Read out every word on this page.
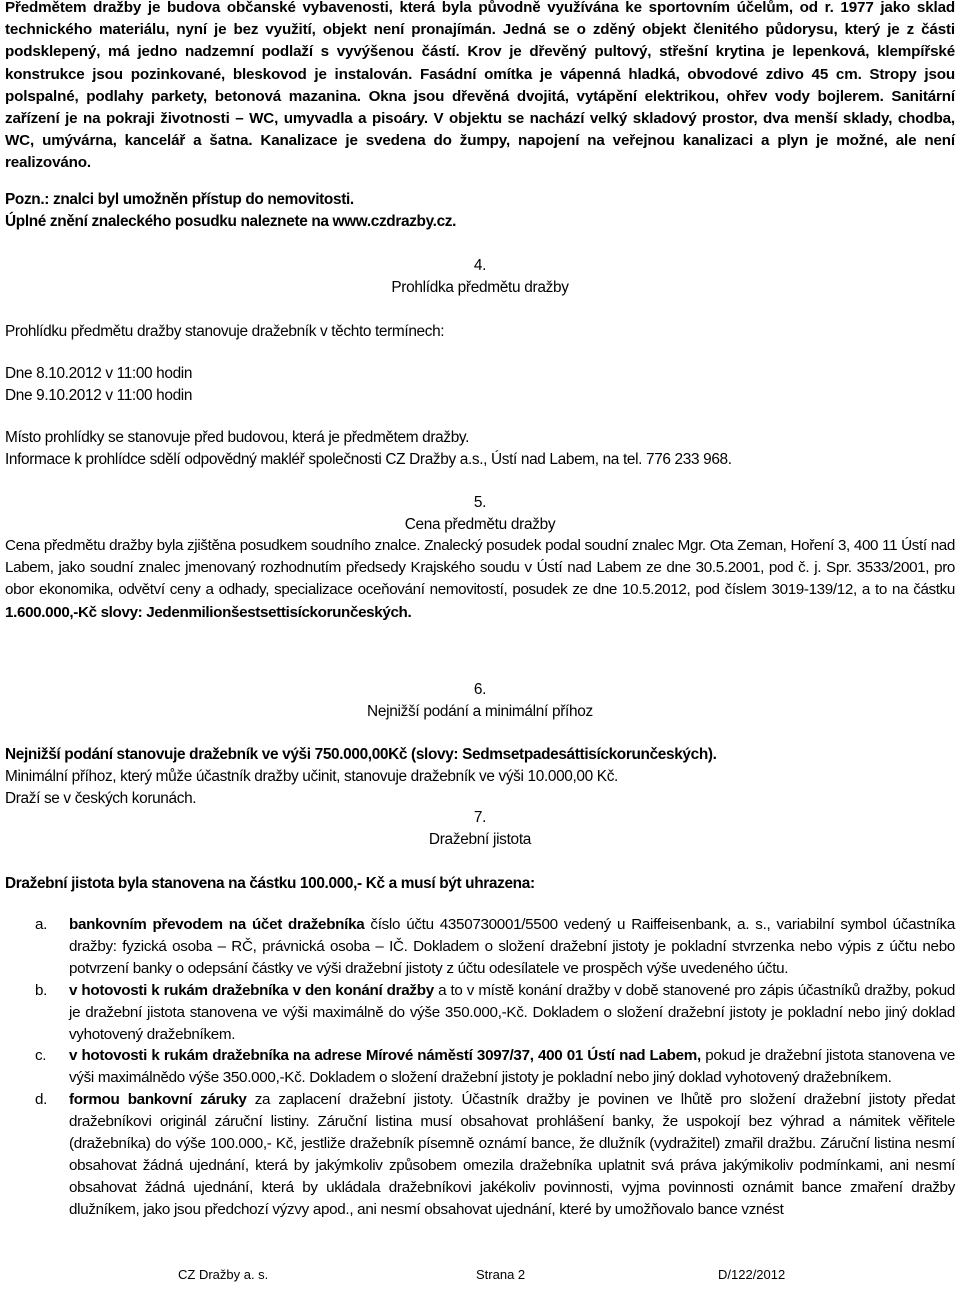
Předmětem dražby je budova občanské vybavenosti, která byla původně využívána ke sportovním účelům, od r. 1977 jako sklad technického materiálu, nyní je bez využití, objekt není pronajímán. Jedná se o zděný objekt členitého půdorysu, který je z části podsklepený, má jedno nadzemní podlaží s vyvýšenou částí. Krov je dřevěný pultový, střešní krytina je lepenková, klempířské konstrukce jsou pozinkované, bleskovod je instalován. Fasádní omítka je vápenná hladká, obvodové zdivo 45 cm. Stropy jsou polspalné, podlahy parkety, betonová mazanina. Okna jsou dřevěná dvojitá, vytápění elektrikou, ohřev vody bojlerem. Sanitární zařízení je na pokraji životnosti – WC, umyvadla a pisoáry. V objektu se nachází velký skladový prostor, dva menší sklady, chodba, WC, umývárna, kancelář a šatna. Kanalizace je svedena do žumpy, napojení na veřejnou kanalizaci a plyn je možné, ale není realizováno.
Pozn.: znalci byl umožněn přístup do nemovitosti.
Úplné znění znaleckého posudku naleznete na www.czdrazby.cz.
4.
Prohlídka předmětu dražby
Prohlídku předmětu dražby stanovuje dražebník v těchto termínech:
Dne 8.10.2012 v 11:00 hodin
Dne 9.10.2012 v 11:00 hodin
Místo prohlídky se stanovuje před budovou, která je předmětem dražby.
Informace k prohlídce sdělí odpovědný makléř společnosti CZ Dražby a.s., Ústí nad Labem, na tel. 776 233 968.
5.
Cena předmětu dražby
Cena předmětu dražby byla zjištěna posudkem soudního znalce. Znalecký posudek podal soudní znalec Mgr. Ota Zeman, Hoření 3, 400 11 Ústí nad Labem, jako soudní znalec jmenovaný rozhodnutím předsedy Krajského soudu v Ústí nad Labem ze dne 30.5.2001, pod č. j. Spr. 3533/2001, pro obor ekonomika, odvětví ceny a odhady, specializace oceňování nemovitostí, posudek ze dne 10.5.2012, pod číslem 3019-139/12, a to na částku 1.600.000,-Kč slovy: Jedenmilionšestsettisíckorunčeských.
6.
Nejnižší podání a minimální příhoz
Nejnižší podání stanovuje dražebník ve výši 750.000,00Kč (slovy: Sedmsetpadesáttisíckorunčeských).
Minimální příhoz, který může účastník dražby učinit, stanovuje dražebník ve výši 10.000,00 Kč.
Draží se v českých korunách.
7.
Dražební jistota
Dražební jistota byla stanovena na částku 100.000,- Kč a musí být uhrazena:
a. bankovním převodem na účet dražebníka číslo účtu 4350730001/5500 vedený u Raiffeisenbank, a. s., variabilní symbol účastníka dražby: fyzická osoba – RČ, právnická osoba – IČ. Dokladem o složení dražební jistoty je pokladní stvrzenka nebo výpis z účtu nebo potvrzení banky o odepsání částky ve výši dražební jistoty z účtu odesílatele ve prospěch výše uvedeného účtu.
b. v hotovosti k rukám dražebníka v den konání dražby a to v místě konání dražby v době stanovené pro zápis účastníků dražby, pokud je dražební jistota stanovena ve výši maximálně do výše 350.000,-Kč. Dokladem o složení dražební jistoty je pokladní nebo jiný doklad vyhotovený dražebníkem.
c. v hotovosti k rukám dražebníka na adrese Mírové náměstí 3097/37, 400 01 Ústí nad Labem, pokud je dražební jistota stanovena ve výši maximálnědo výše 350.000,-Kč. Dokladem o složení dražební jistoty je pokladní nebo jiný doklad vyhotovený dražebníkem.
d. formou bankovní záruky za zaplacení dražební jistoty. Účastník dražby je povinen ve lhůtě pro složení dražební jistoty předat dražebníkovi originál záruční listiny. Záruční listina musí obsahovat prohlášení banky, že uspokojí bez výhrad a námitek věřitele (dražebníka) do výše 100.000,- Kč, jestliže dražebník písemně oznámí bance, že dlužník (vydražitel) zmařil dražbu. Záruční listina nesmí obsahovat žádná ujednání, která by jakýmkoliv způsobem omezila dražebníka uplatnit svá práva jakýmikoliv podmínkami, ani nesmí obsahovat žádná ujednání, která by ukládala dražebníkovi jakékoliv povinnosti, vyjma povinnosti oznámit bance zmaření dražby dlužníkem, jako jsou předchozí výzvy apod., ani nesmí obsahovat ujednání, které by umožňovalo bance vznést
CZ Dražby a. s.	Strana 2	D/122/2012
